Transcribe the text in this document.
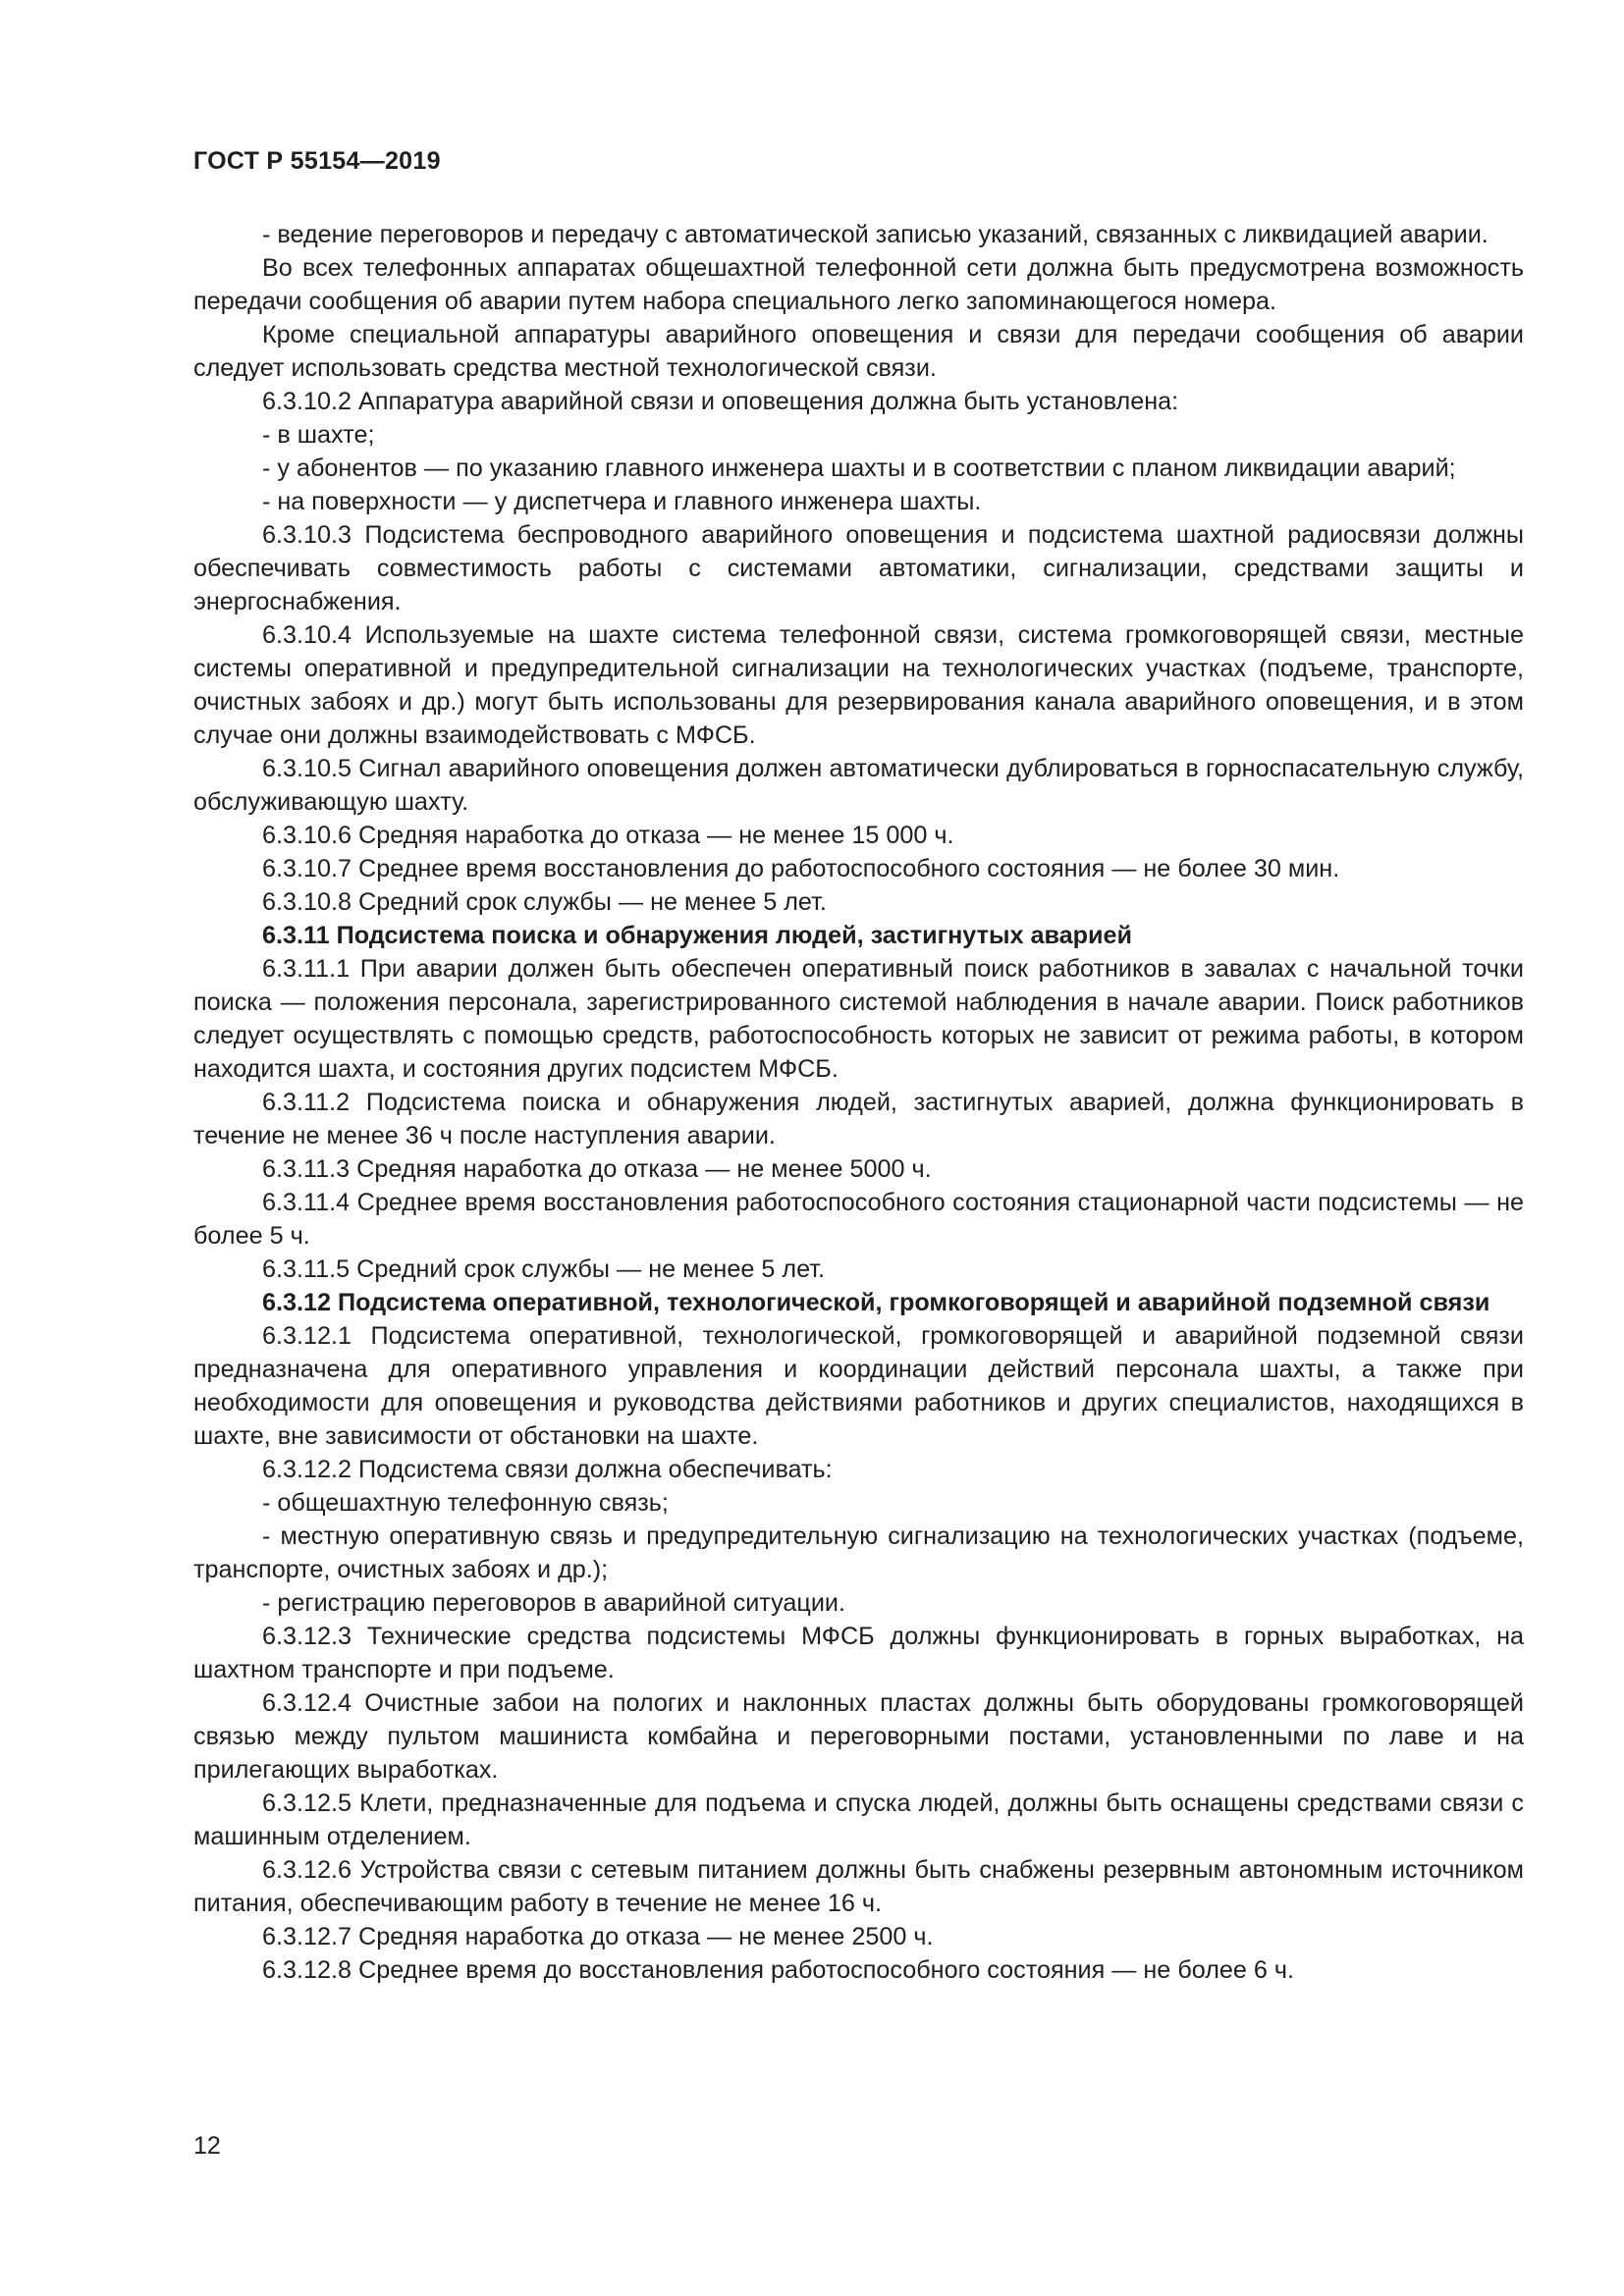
ГОСТ Р 55154—2019

- ведение переговоров и передачу с автоматической записью указаний, связанных с ликвидацией аварии.

Во всех телефонных аппаратах общешахтной телефонной сети должна быть предусмотрена возможность передачи сообщения об аварии путем набора специального легко запоминающегося номера.

Кроме специальной аппаратуры аварийного оповещения и связи для передачи сообщения об аварии следует использовать средства местной технологической связи.

6.3.10.2 Аппаратура аварийной связи и оповещения должна быть установлена:

- в шахте;

- у абонентов — по указанию главного инженера шахты и в соответствии с планом ликвидации аварий;

- на поверхности — у диспетчера и главного инженера шахты.

6.3.10.3 Подсистема беспроводного аварийного оповещения и подсистема шахтной радиосвязи должны обеспечивать совместимость работы с системами автоматики, сигнализации, средствами защиты и энергоснабжения.

6.3.10.4 Используемые на шахте система телефонной связи, система громкоговорящей связи, местные системы оперативной и предупредительной сигнализации на технологических участках (подъеме, транспорте, очистных забоях и др.) могут быть использованы для резервирования канала аварийного оповещения, и в этом случае они должны взаимодействовать с МФСБ.

6.3.10.5 Сигнал аварийного оповещения должен автоматически дублироваться в горноспасательную службу, обслуживающую шахту.

6.3.10.6 Средняя наработка до отказа — не менее 15 000 ч.

6.3.10.7 Среднее время восстановления до работоспособного состояния — не более 30 мин.

6.3.10.8 Средний срок службы — не менее 5 лет.

6.3.11 Подсистема поиска и обнаружения людей, застигнутых аварией

6.3.11.1 При аварии должен быть обеспечен оперативный поиск работников в завалах с начальной точки поиска — положения персонала, зарегистрированного системой наблюдения в начале аварии. Поиск работников следует осуществлять с помощью средств, работоспособность которых не зависит от режима работы, в котором находится шахта, и состояния других подсистем МФСБ.

6.3.11.2 Подсистема поиска и обнаружения людей, застигнутых аварией, должна функционировать в течение не менее 36 ч после наступления аварии.

6.3.11.3 Средняя наработка до отказа — не менее 5000 ч.

6.3.11.4 Среднее время восстановления работоспособного состояния стационарной части подсистемы — не более 5 ч.

6.3.11.5 Средний срок службы — не менее 5 лет.

6.3.12 Подсистема оперативной, технологической, громкоговорящей и аварийной подземной связи

6.3.12.1 Подсистема оперативной, технологической, громкоговорящей и аварийной подземной связи предназначена для оперативного управления и координации действий персонала шахты, а также при необходимости для оповещения и руководства действиями работников и других специалистов, находящихся в шахте, вне зависимости от обстановки на шахте.

6.3.12.2 Подсистема связи должна обеспечивать:

- общешахтную телефонную связь;

- местную оперативную связь и предупредительную сигнализацию на технологических участках (подъеме, транспорте, очистных забоях и др.);

- регистрацию переговоров в аварийной ситуации.

6.3.12.3 Технические средства подсистемы МФСБ должны функционировать в горных выработках, на шахтном транспорте и при подъеме.

6.3.12.4 Очистные забои на пологих и наклонных пластах должны быть оборудованы громкоговорящей связью между пультом машиниста комбайна и переговорными постами, установленными по лаве и на прилегающих выработках.

6.3.12.5 Клети, предназначенные для подъема и спуска людей, должны быть оснащены средствами связи с машинным отделением.

6.3.12.6 Устройства связи с сетевым питанием должны быть снабжены резервным автономным источником питания, обеспечивающим работу в течение не менее 16 ч.

6.3.12.7 Средняя наработка до отказа — не менее 2500 ч.

6.3.12.8 Среднее время до восстановления работоспособного состояния — не более 6 ч.

12
